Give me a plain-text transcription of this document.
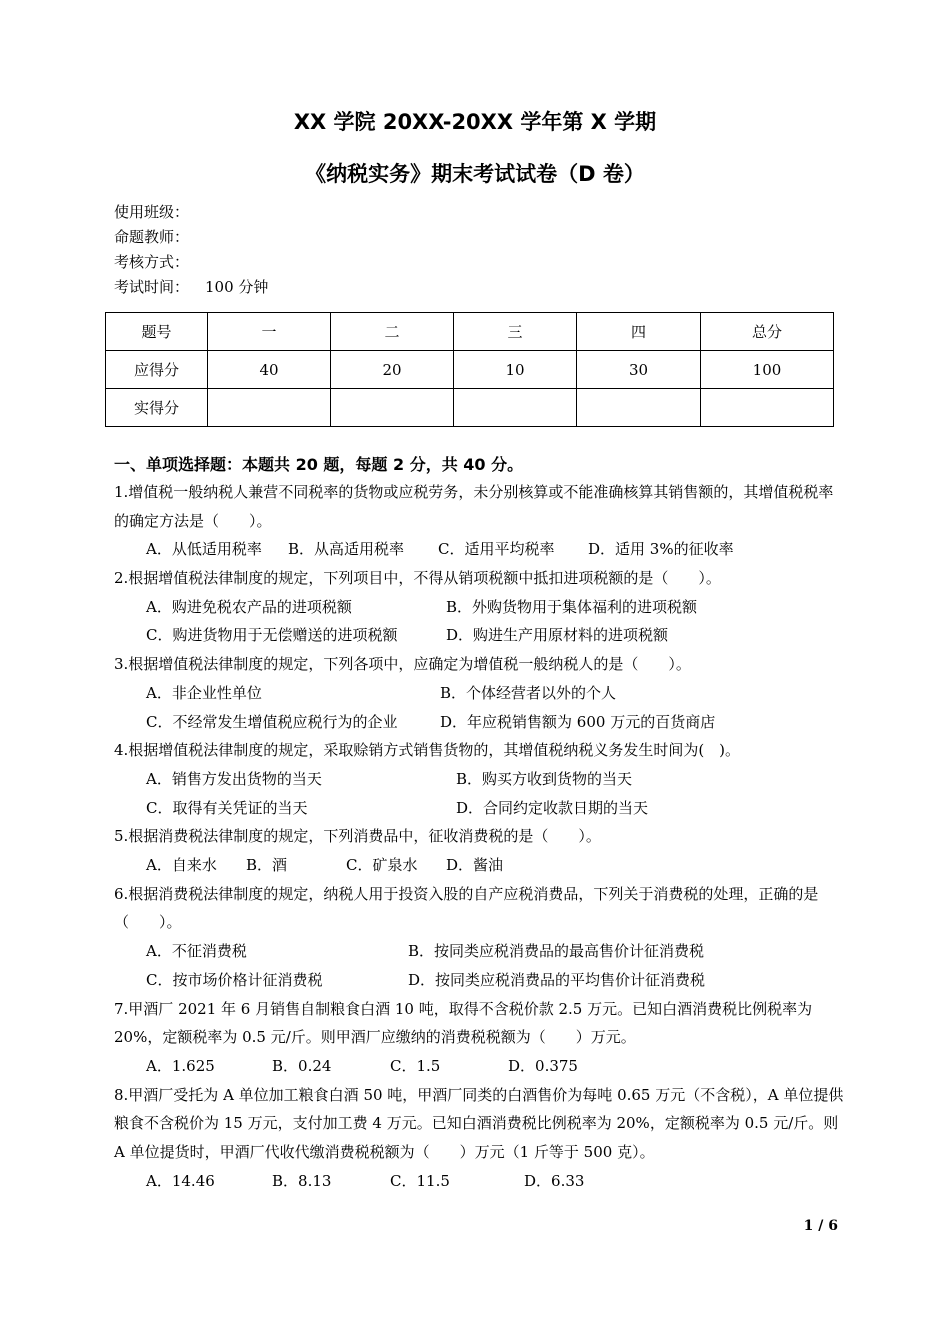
XX 学院 20XX-20XX 学年第 X 学期
《纳税实务》期末考试试卷（D 卷）
使用班级：
命题教师：
考核方式：
考试时间： 100 分钟
题号	一	二	三	四	总分
应得分	40	20	10	30	100
实得分					
一、单项选择题：本题共 20 题，每题 2 分，共 40 分。

1.增值税一般纳税人兼营不同税率的货物或应税劳务，未分别核算或不能准确核算其销售额的，其增值税税率的确定方法是（　　）。

A．从低适用税率	B．从高适用税率	C．适用平均税率	D．适用 3%的征收率

2.根据增值税法律制度的规定，下列项目中，不得从销项税额中抵扣进项税额的是（　　）。

A．购进免税农产品的进项税额	B．外购货物用于集体福利的进项税额
C．购进货物用于无偿赠送的进项税额	D．购进生产用原材料的进项税额

3.根据增值税法律制度的规定，下列各项中，应确定为增值税一般纳税人的是（　　）。

A．非企业性单位	B．个体经营者以外的个人
C．不经常发生增值税应税行为的企业	D．年应税销售额为 600 万元的百货商店

4.根据增值税法律制度的规定，采取赊销方式销售货物的，其增值税纳税义务发生时间为(　)。

A．销售方发出货物的当天	B．购买方收到货物的当天
C．取得有关凭证的当天	D．合同约定收款日期的当天

5.根据消费税法律制度的规定，下列消费品中，征收消费税的是（　　）。

A．自来水	B．酒	C．矿泉水	D．酱油

6.根据消费税法律制度的规定，纳税人用于投资入股的自产应税消费品，下列关于消费税的处理，正确的是（　　）。

A．不征消费税	B．按同类应税消费品的最高售价计征消费税
C．按市场价格计征消费税	D．按同类应税消费品的平均售价计征消费税

7.甲酒厂 2021 年 6 月销售自制粮食白酒 10 吨，取得不含税价款 2.5 万元。已知白酒消费税比例税率为 20%，定额税率为 0.5 元/斤。则甲酒厂应缴纳的消费税税额为（　　）万元。

A．1.625	B．0.24	C．1.5	D．0.375

8.甲酒厂受托为 A 单位加工粮食白酒 50 吨，甲酒厂同类的白酒售价为每吨 0.65 万元（不含税），A 单位提供粮食不含税价为 15 万元，支付加工费 4 万元。已知白酒消费税比例税率为 20%，定额税率为 0.5 元/斤。则 A 单位提货时，甲酒厂代收代缴消费税税额为（　　）万元（1 斤等于 500 克）。

A．14.46	B．8.13	C．11.5	D．6.33
1 / 6
